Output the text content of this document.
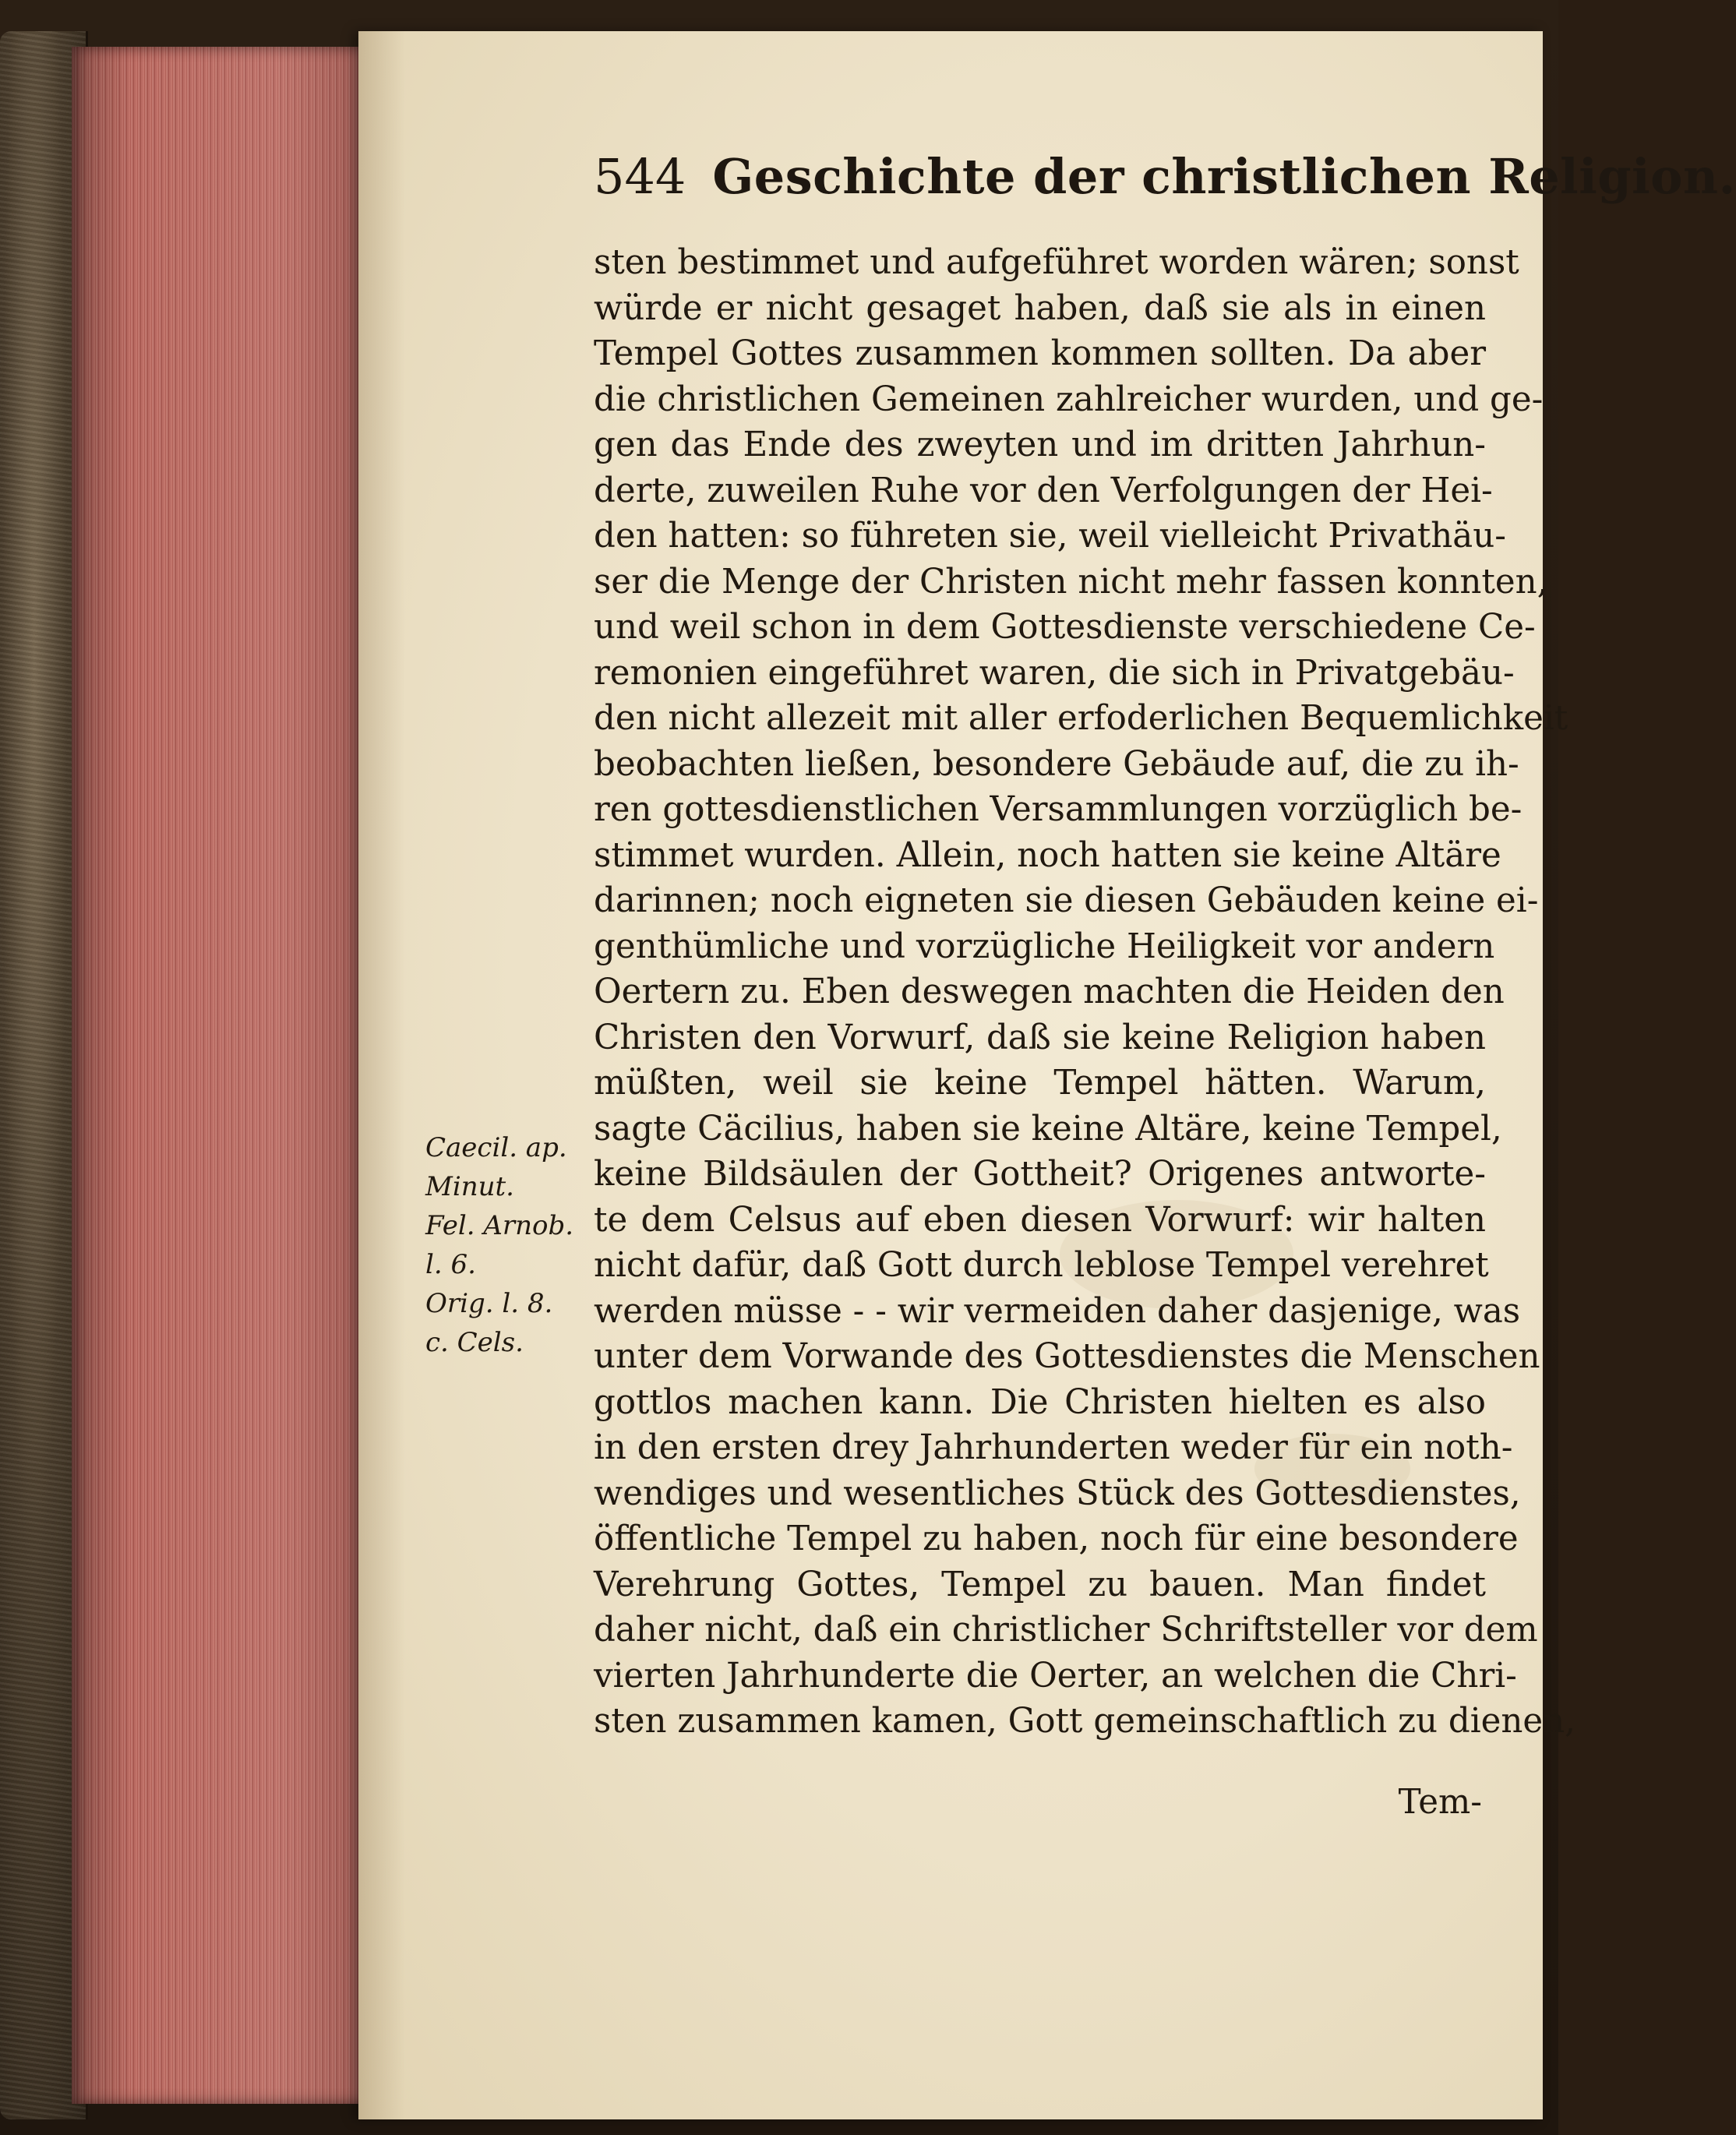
544 Geschichte der christlichen Religion.
sten bestimmet und aufgeführet worden wären; sonst
würde er nicht gesaget haben, daß sie als in einen
Tempel Gottes zusammen kommen sollten. Da aber
die christlichen Gemeinen zahlreicher wurden, und ge-
gen das Ende des zweyten und im dritten Jahrhun-
derte, zuweilen Ruhe vor den Verfolgungen der Hei-
den hatten: so führeten sie, weil vielleicht Privathäu-
ser die Menge der Christen nicht mehr fassen konnten,
und weil schon in dem Gottesdienste verschiedene Ce-
remonien eingeführet waren, die sich in Privatgebäu-
den nicht allezeit mit aller erfoderlichen Bequemlichkeit
beobachten ließen, besondere Gebäude auf, die zu ih-
ren gottesdienstlichen Versammlungen vorzüglich be-
stimmet wurden. Allein, noch hatten sie keine Altäre
darinnen; noch eigneten sie diesen Gebäuden keine ei-
genthümliche und vorzügliche Heiligkeit vor andern
Oertern zu. Eben deswegen machten die Heiden den
Christen den Vorwurf, daß sie keine Religion haben
müßten, weil sie keine Tempel hätten. Warum,
sagte Cäcilius, haben sie keine Altäre, keine Tempel,
keine Bildsäulen der Gottheit? Origenes antworte-
te dem Celsus auf eben diesen Vorwurf: wir halten
nicht dafür, daß Gott durch leblose Tempel verehret
werden müsse - - wir vermeiden daher dasjenige, was
unter dem Vorwande des Gottesdienstes die Menschen
gottlos machen kann. Die Christen hielten es also
in den ersten drey Jahrhunderten weder für ein noth-
wendiges und wesentliches Stück des Gottesdienstes,
öffentliche Tempel zu haben, noch für eine besondere
Verehrung Gottes, Tempel zu bauen. Man findet
daher nicht, daß ein christlicher Schriftsteller vor dem
vierten Jahrhunderte die Oerter, an welchen die Chri-
sten zusammen kamen, Gott gemeinschaftlich zu dienen,
Tem-
Caecil. ap.
Minut.
Fel. Arnob.
l. 6.
Orig. l. 8.
c. Cels.
